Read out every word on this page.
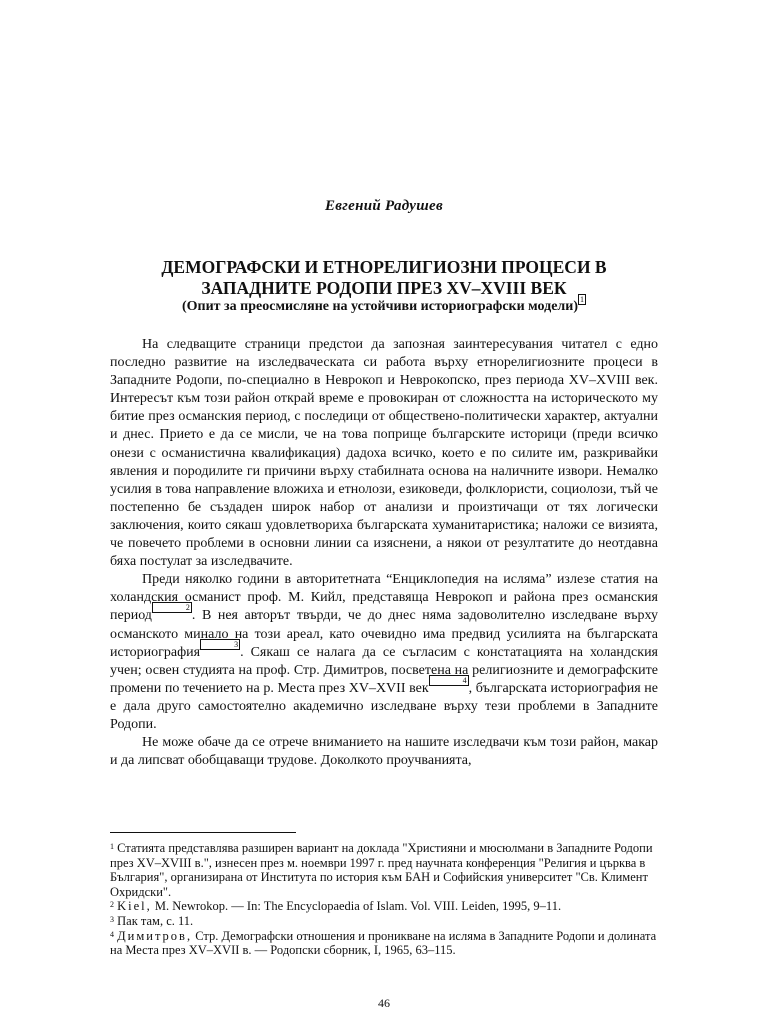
Евгений Радушев
ДЕМОГРАФСКИ И ЕТНОРЕЛИГИОЗНИ ПРОЦЕСИ В
ЗАПАДНИТЕ РОДОПИ ПРЕЗ XV–XVIII ВЕК
(Опит за преосмисляне на устойчиви историографски модели) 1

На следващите страници предстои да запозная заинтересувания читател с едно последно развитие на изследваческата си работа върху етнорелигиозните процеси в Западните Родопи, по-специално в Неврокоп и Неврокопско, през периода XV–XVIII век. Интересът към този район открай време е провокиран от сложността на историческото му битие през османския период, с последици от обществено-политически характер, актуални и днес. Прието е да се мисли, че на това поприще българските историци (преди всичко онези с османистична квалификация) дадоха всичко, което е по силите им, разкривайки явления и породилите ги причини върху стабилната основа на наличните извори. Немалко усилия в това направление вложиха и етнолози, езиковеди, фолклористи, социолози, тъй че постепенно бе създаден широк набор от анализи и произтичащи от тях логически заключения, които сякаш удовлетвориха българската хуманитаристика; наложи се визията, че повечето проблеми в основни линии са изяснени, а някои от резултатите до неотдавна бяха постулат за изследвачите.

Преди няколко години в авторитетната “Енциклопедия на исляма” излезе статия на холандския османист проф. М. Кийл, представяща Неврокоп и района през османския период2. В нея авторът твърди, че до днес няма задоволително изследване върху османското минало на този ареал, като очевидно има предвид усилията на българската историография3. Сякаш се налага да се съгласим с констатацията на холандския учен; освен студията на проф. Стр. Димитров, посветена на религиозните и демографските промени по течението на р. Места през XV–XVII век4, българската историография не е дала друго самостоятелно академично изследване върху тези проблеми в Западните Родопи.

Не може обаче да се отрече вниманието на нашите изследвачи към този район, макар и да липсват обобщаващи трудове. Доколкото проучванията,

$^1$ Статията представлява разширен вариант на доклада "Християни и мюсюлмани в Западните Родопи през XV–XVIII в.", изнесен през м. ноември 1997 г. пред научната конференция "Религия и църква в България", организирана от Института по история към БАН и Софийския университет "Св. Климент Охридски".

$^2$ Kiel, M. Newrokop. — In: The Encyclopaedia of Islam. Vol. VIII. Leiden, 1995, 9–11.

$^3$ Пак там, с. 11.

$^4$ Димитров, Стр. Демографски отношения и проникване на исляма в Западните Родопи и долината на Места през XV–XVII в. — Родопски сборник, I, 1965, 63–115.

46
